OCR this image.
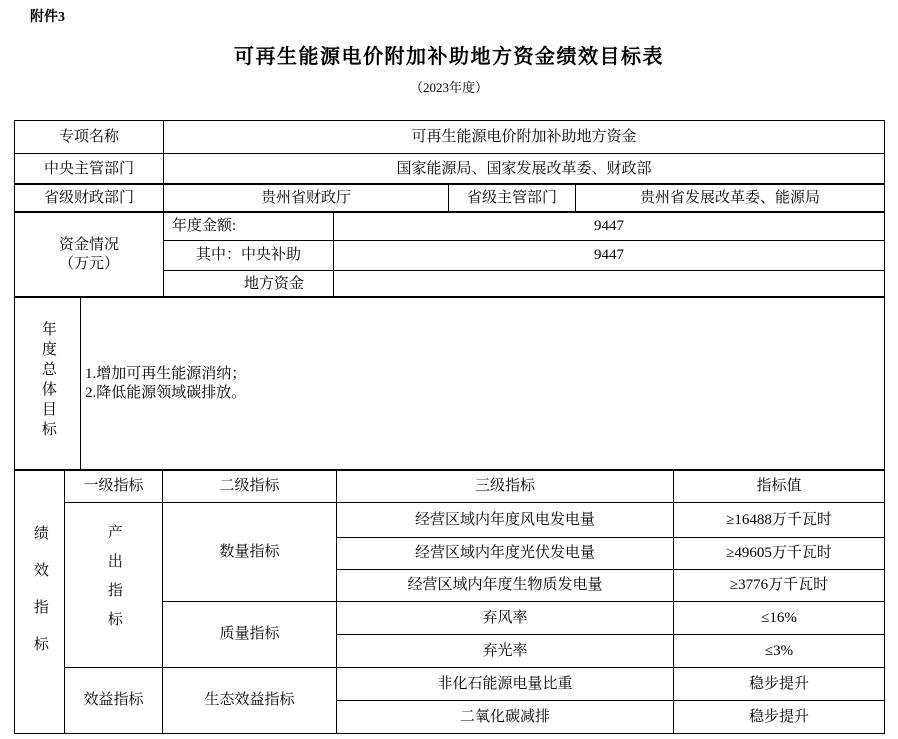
附件3
可再生能源电价附加补助地方资金绩效目标表
（2023年度）
专项名称	可再生能源电价附加补助地方资金
中央主管部门	国家能源局、国家发展改革委、财政部
省级财政部门	贵州省财政厅	省级主管部门	贵州省发展改革委、能源局
资金情况
（万元）	年度金额:	9447
	其中：中央补助	9447
	地方资金	
年度总体目标	1.增加可再生能源消纳；
2.降低能源领域碳排放。
绩效指标	一级指标	二级指标	三级指标	指标值
	产出指标	数量指标	经营区域内年度风电发电量	≥16488万千瓦时
			经营区域内年度光伏发电量	≥49605万千瓦时
			经营区域内年度生物质发电量	≥3776万千瓦时
		质量指标	弃风率	≤16%
			弃光率	≤3%
	效益指标	生态效益指标	非化石能源电量比重	稳步提升
			二氧化碳减排	稳步提升
